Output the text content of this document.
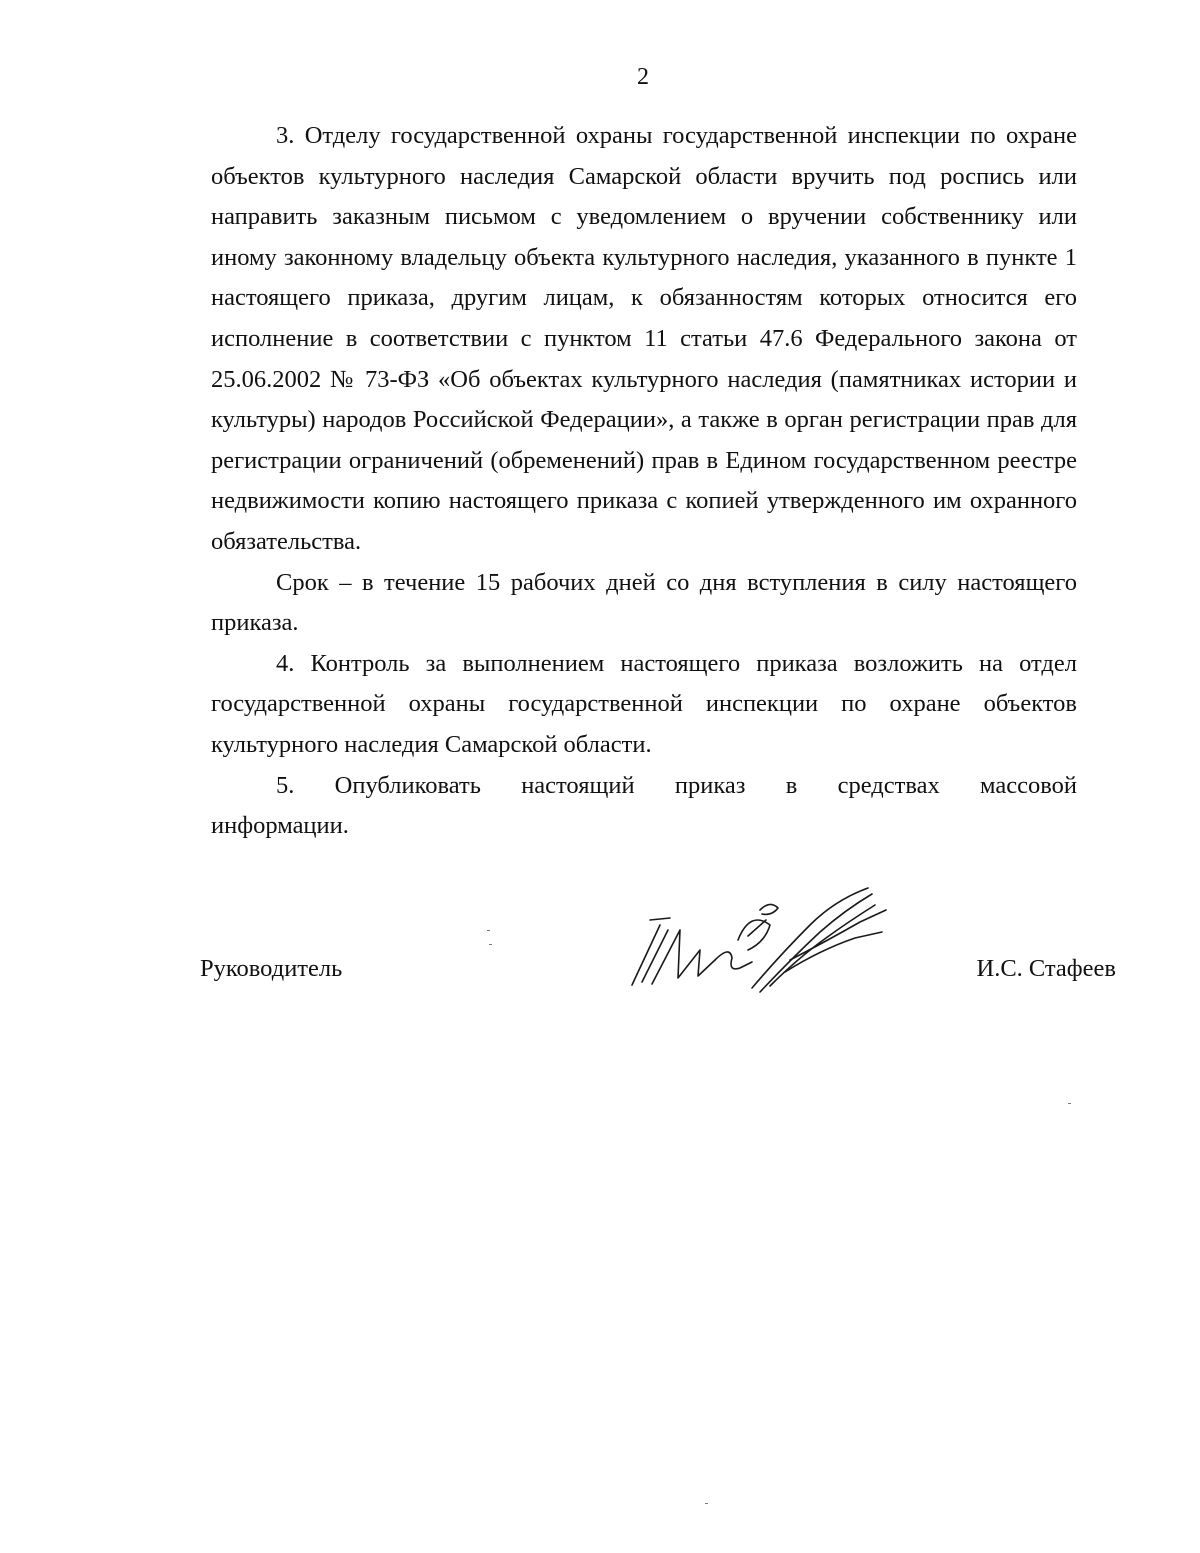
2

3. Отделу государственной охраны государственной инспекции по охране объектов культурного наследия Самарской области вручить под роспись или направить заказным письмом с уведомлением о вручении собственнику или иному законному владельцу объекта культурного наследия, указанного в пункте 1 настоящего приказа, другим лицам, к обязанностям которых относится его исполнение в соответствии с пунктом 11 статьи 47.6 Федерального закона от 25.06.2002 № 73-ФЗ «Об объектах культурного наследия (памятниках истории и культуры) народов Российской Федерации», а также в орган регистрации прав для регистрации ограничений (обременений) прав в Едином государственном реестре недвижимости копию настоящего приказа с копией утвержденного им охранного обязательства.

Срок – в течение 15 рабочих дней со дня вступления в силу настоящего приказа.

4. Контроль за выполнением настоящего приказа возложить на отдел государственной охраны государственной инспекции по охране объектов культурного наследия Самарской области.

5. Опубликовать настоящий приказ в средствах массовой информации.

Руководитель	И.С. Стафеев
